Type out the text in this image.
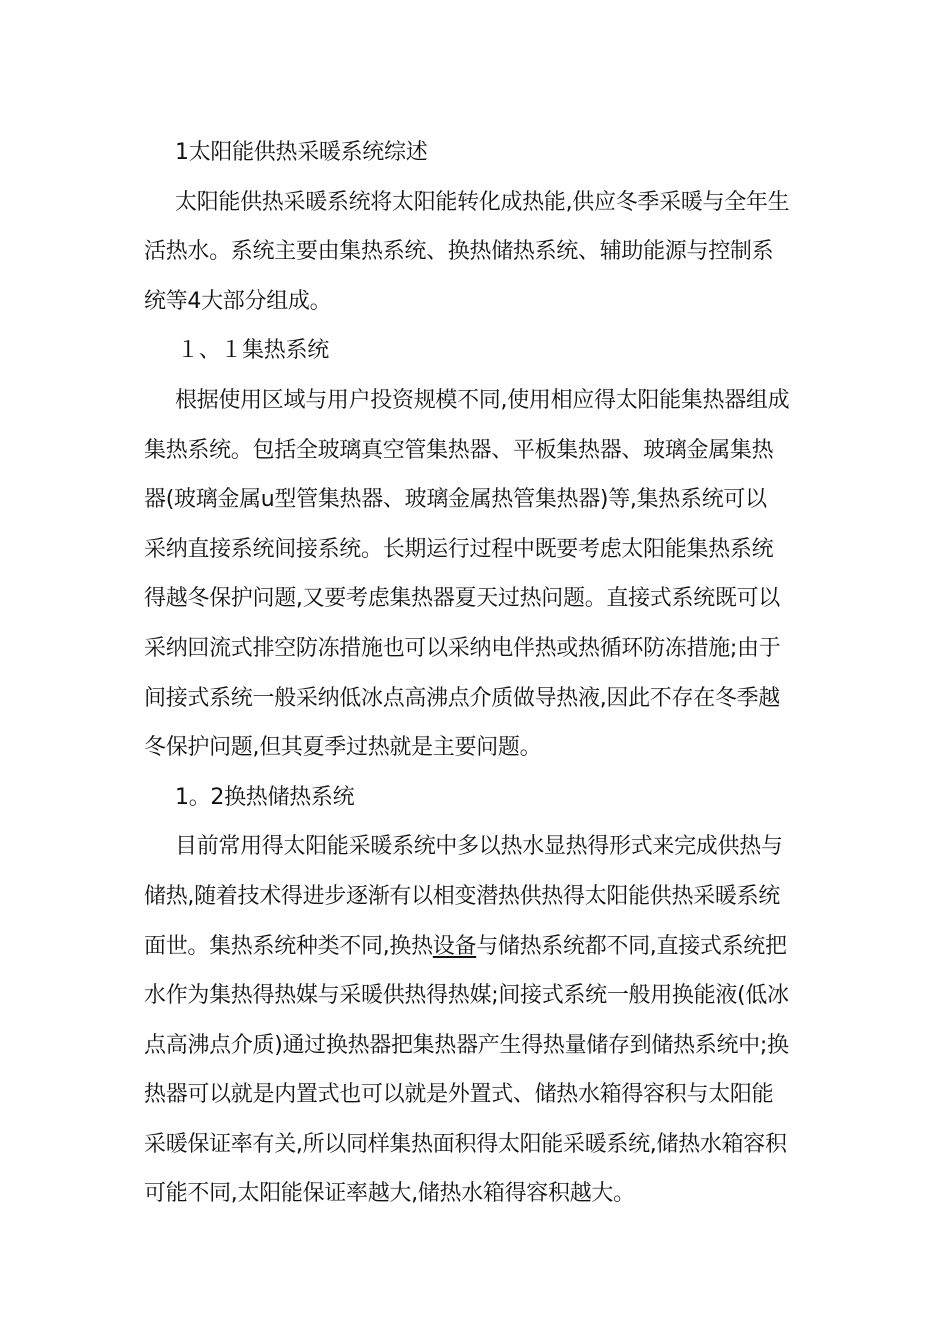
1太阳能供热采暖系统综述
太阳能供热采暖系统将太阳能转化成热能,供应冬季采暖与全年生
活热水。系统主要由集热系统、换热储热系统、辅助能源与控制系
统等4大部分组成。
１、１集热系统
根据使用区域与用户投资规模不同,使用相应得太阳能集热器组成
集热系统。包括全玻璃真空管集热器、平板集热器、玻璃金属集热
器(玻璃金属u型管集热器、玻璃金属热管集热器)等,集热系统可以
采纳直接系统间接系统。长期运行过程中既要考虑太阳能集热系统
得越冬保护问题,又要考虑集热器夏天过热问题。直接式系统既可以
采纳回流式排空防冻措施也可以采纳电伴热或热循环防冻措施;由于
间接式系统一般采纳低冰点高沸点介质做导热液,因此不存在冬季越
冬保护问题,但其夏季过热就是主要问题。
1。2换热储热系统
目前常用得太阳能采暖系统中多以热水显热得形式来完成供热与
储热,随着技术得进步逐渐有以相变潜热供热得太阳能供热采暖系统
面世。集热系统种类不同,换热设备与储热系统都不同,直接式系统把
水作为集热得热媒与采暖供热得热媒;间接式系统一般用换能液(低冰
点高沸点介质)通过换热器把集热器产生得热量储存到储热系统中;换
热器可以就是内置式也可以就是外置式、储热水箱得容积与太阳能
采暖保证率有关,所以同样集热面积得太阳能采暖系统,储热水箱容积
可能不同,太阳能保证率越大,储热水箱得容积越大。
